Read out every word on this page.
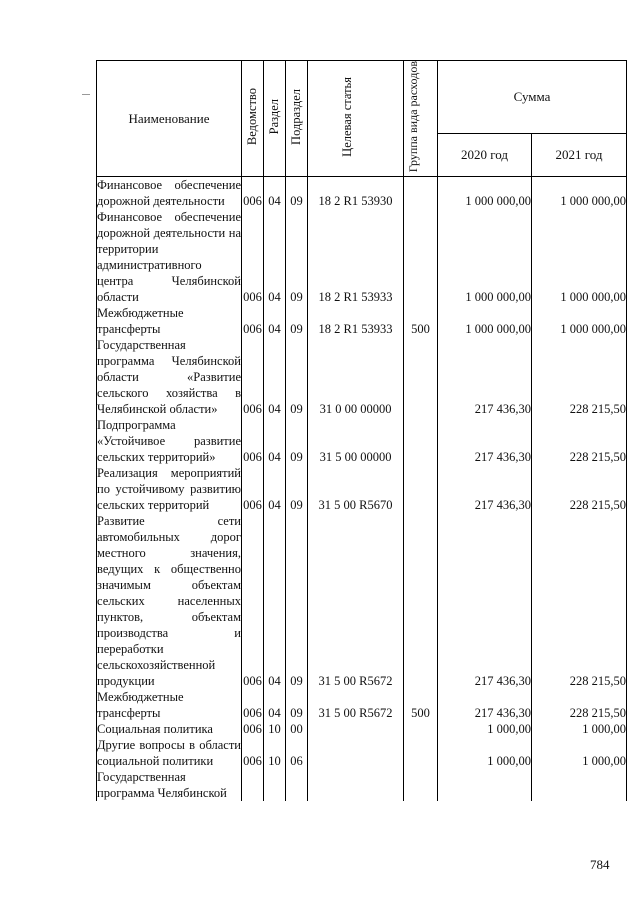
Наименование	Ведомство	Раздел	Подраздел	Целевая статья	Группа вида расходов	Сумма	
						2020 год	2021 год
Финансовое обеспечение дорожной деятельности	006	04	09	18 2 R1 53930		1 000 000,00	1 000 000,00
Финансовое обеспечение дорожной деятельности на территории административного центра Челябинской области	006	04	09	18 2 R1 53933		1 000 000,00	1 000 000,00
Межбюджетные трансферты	006	04	09	18 2 R1 53933	500	1 000 000,00	1 000 000,00
Государственная программа Челябинской области «Развитие сельского хозяйства в Челябинской области»	006	04	09	31 0 00 00000		217 436,30	228 215,50
Подпрограмма «Устойчивое развитие сельских территорий»	006	04	09	31 5 00 00000		217 436,30	228 215,50
Реализация мероприятий по устойчивому развитию сельских территорий	006	04	09	31 5 00 R5670		217 436,30	228 215,50
Развитие сети автомобильных дорог местного значения, ведущих к общественно значимым объектам сельских населенных пунктов, объектам производства и переработки сельскохозяйственной продукции	006	04	09	31 5 00 R5672		217 436,30	228 215,50
Межбюджетные трансферты	006	04	09	31 5 00 R5672	500	217 436,30	228 215,50
Социальная политика	006	10	00			1 000,00	1 000,00
Другие вопросы в области социальной политики	006	10	06			1 000,00	1 000,00
Государственная программа Челябинской							
784
